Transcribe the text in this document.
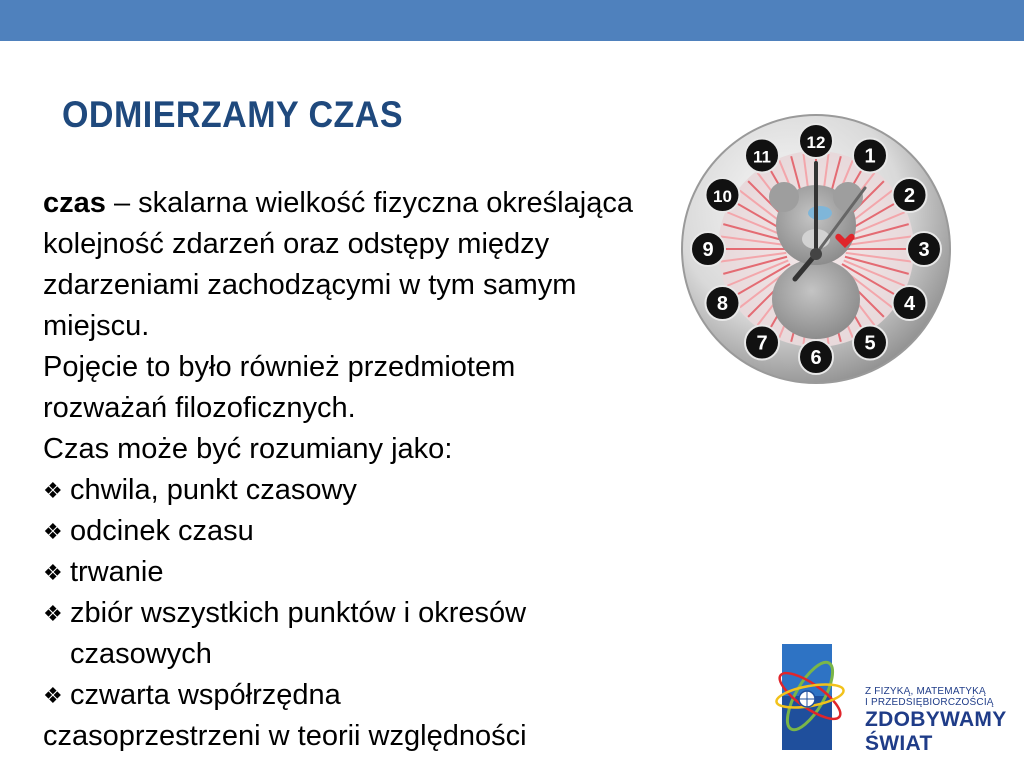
ODMIERZAMY CZAS

czas – skalarna wielkość fizyczna określająca kolejność zdarzeń oraz odstępy między zdarzeniami zachodzącymi w tym samym miejscu.

Pojęcie to było również przedmiotem rozważań filozoficznych.

Czas może być rozumiany jako:

❖ chwila, punkt czasowy
❖ odcinek czasu
❖ trwanie
❖ zbiór wszystkich punktów i okresów czasowych
❖ czwarta współrzędna

czasoprzestrzeni w teorii względności

12
1
2
3
4
5
6
7
8
9
10
11
Z FIZYKĄ, MATEMATYKĄ
I PRZEDSIĘBIORCZOŚCIĄ
ZDOBYWAMY
ŚWIAT
